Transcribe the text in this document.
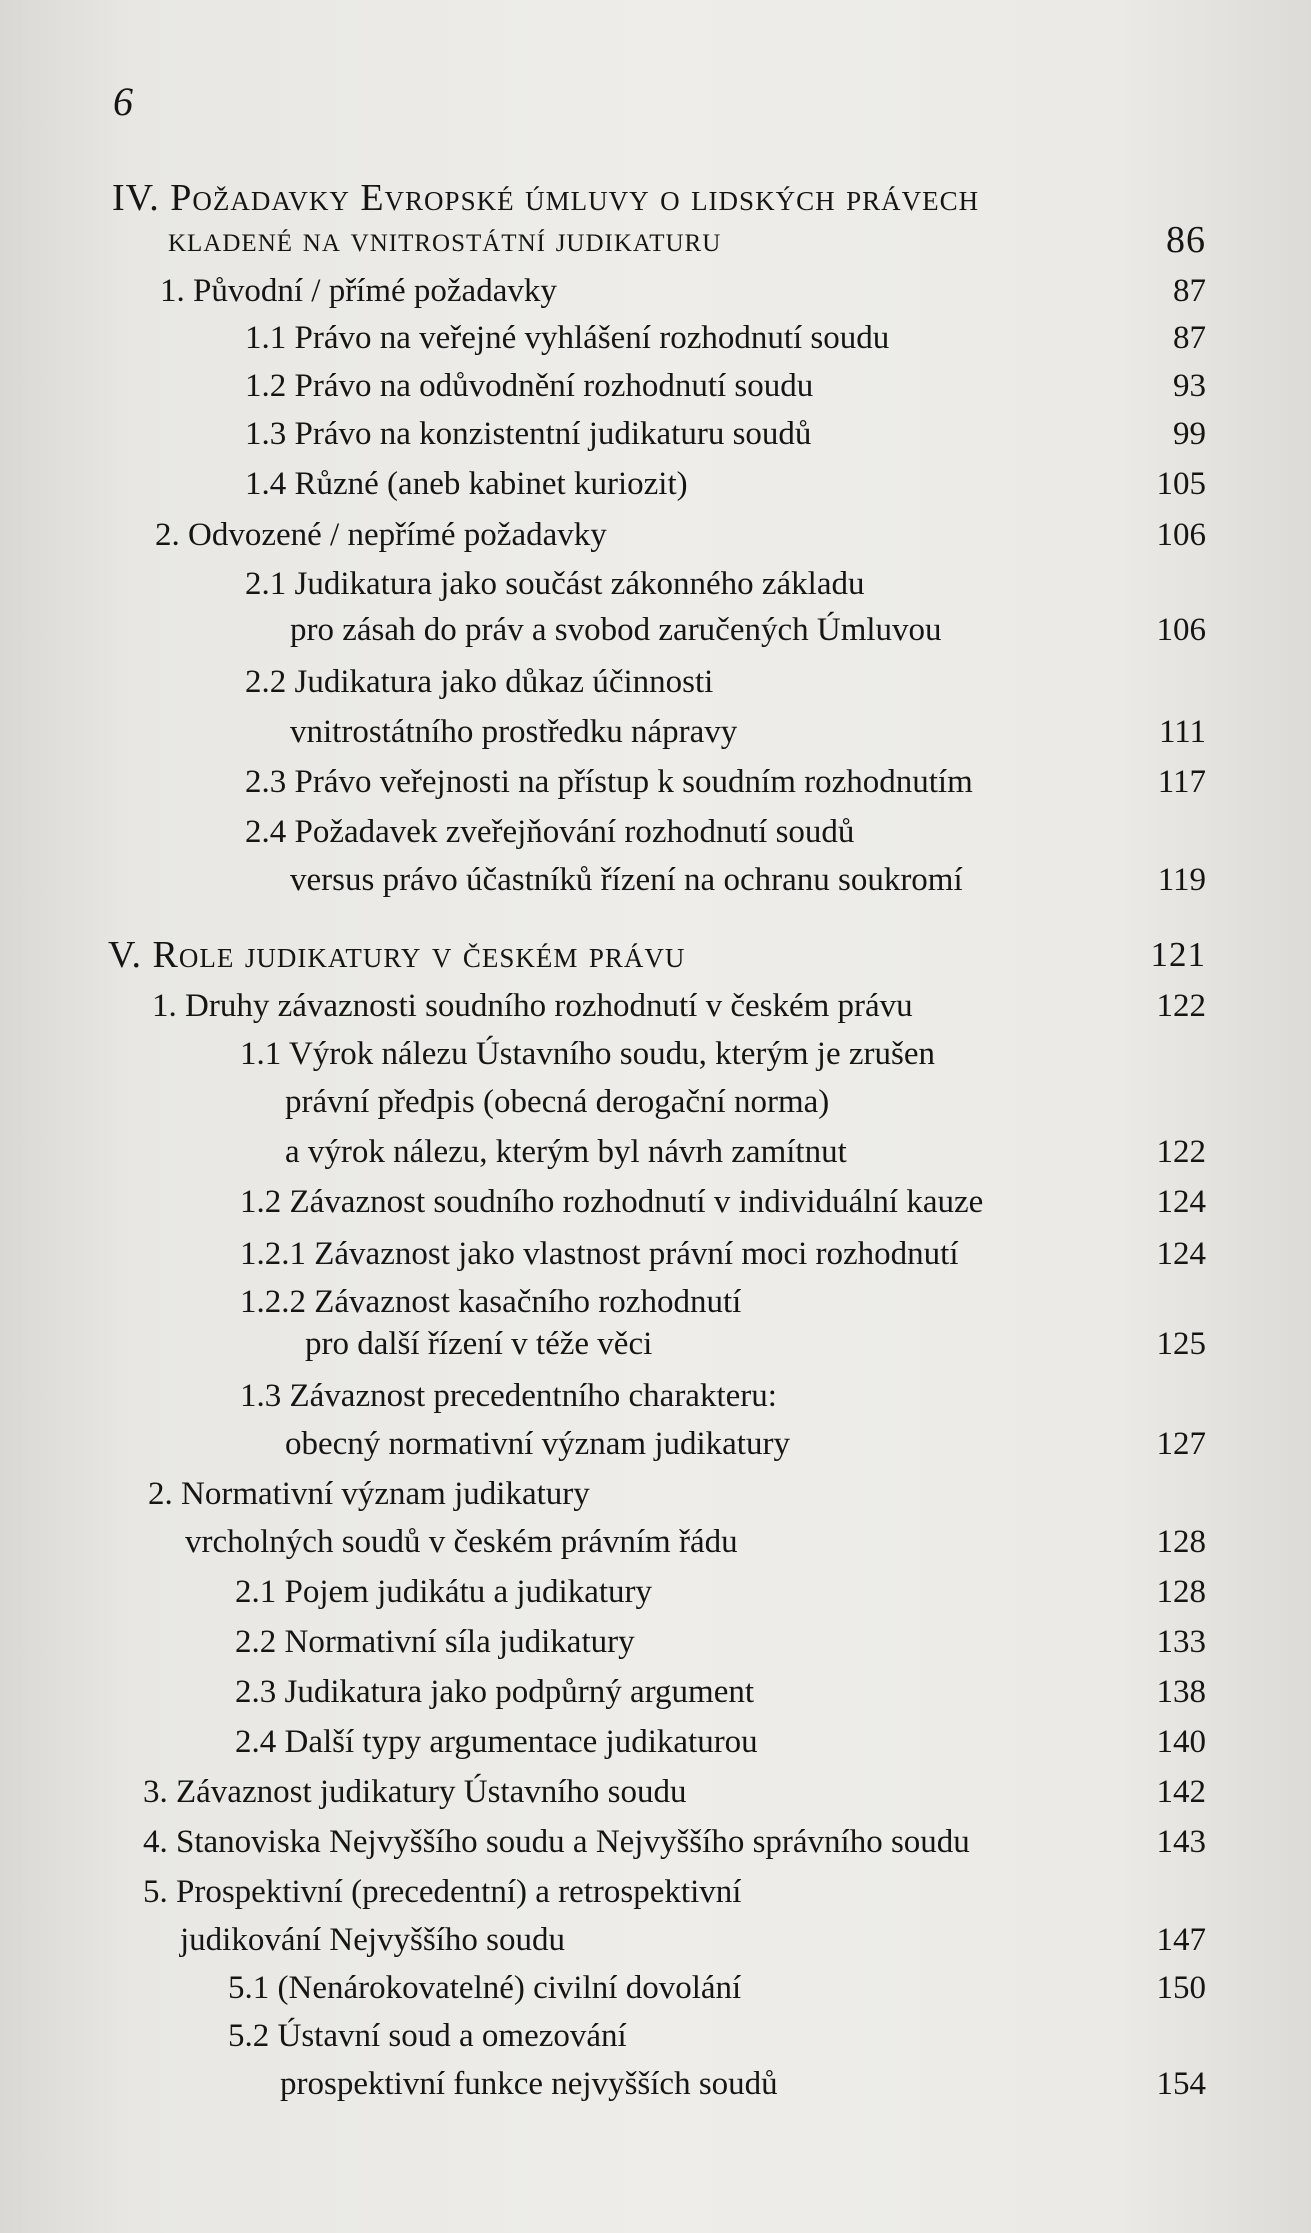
6
IV. Požadavky Evropské úmluvy o lidských právech
kladené na vnitrostátní judikaturu	86
1. Původní / přímé požadavky	87
1.1 Právo na veřejné vyhlášení rozhodnutí soudu	87
1.2 Právo na odůvodnění rozhodnutí soudu	93
1.3 Právo na konzistentní judikaturu soudů	99
1.4 Různé (aneb kabinet kuriozit)	105
2. Odvozené / nepřímé požadavky	106
2.1 Judikatura jako součást zákonného základu
pro zásah do práv a svobod zaručených Úmluvou	106
2.2 Judikatura jako důkaz účinnosti
vnitrostátního prostředku nápravy	111
2.3 Právo veřejnosti na přístup k soudním rozhodnutím	117
2.4 Požadavek zveřejňování rozhodnutí soudů
versus právo účastníků řízení na ochranu soukromí	119
V. Role judikatury v českém právu	121
1. Druhy závaznosti soudního rozhodnutí v českém právu	122
1.1 Výrok nálezu Ústavního soudu, kterým je zrušen
právní předpis (obecná derogační norma)
a výrok nálezu, kterým byl návrh zamítnut	122
1.2 Závaznost soudního rozhodnutí v individuální kauze	124
1.2.1 Závaznost jako vlastnost právní moci rozhodnutí	124
1.2.2 Závaznost kasačního rozhodnutí
pro další řízení v téže věci	125
1.3 Závaznost precedentního charakteru:
obecný normativní význam judikatury	127
2. Normativní význam judikatury
vrcholných soudů v českém právním řádu	128
2.1 Pojem judikátu a judikatury	128
2.2 Normativní síla judikatury	133
2.3 Judikatura jako podpůrný argument	138
2.4 Další typy argumentace judikaturou	140
3. Závaznost judikatury Ústavního soudu	142
4. Stanoviska Nejvyššího soudu a Nejvyššího správního soudu	143
5. Prospektivní (precedentní) a retrospektivní
judikování Nejvyššího soudu	147
5.1 (Nenárokovatelné) civilní dovolání	150
5.2 Ústavní soud a omezování
prospektivní funkce nejvyšších soudů	154
